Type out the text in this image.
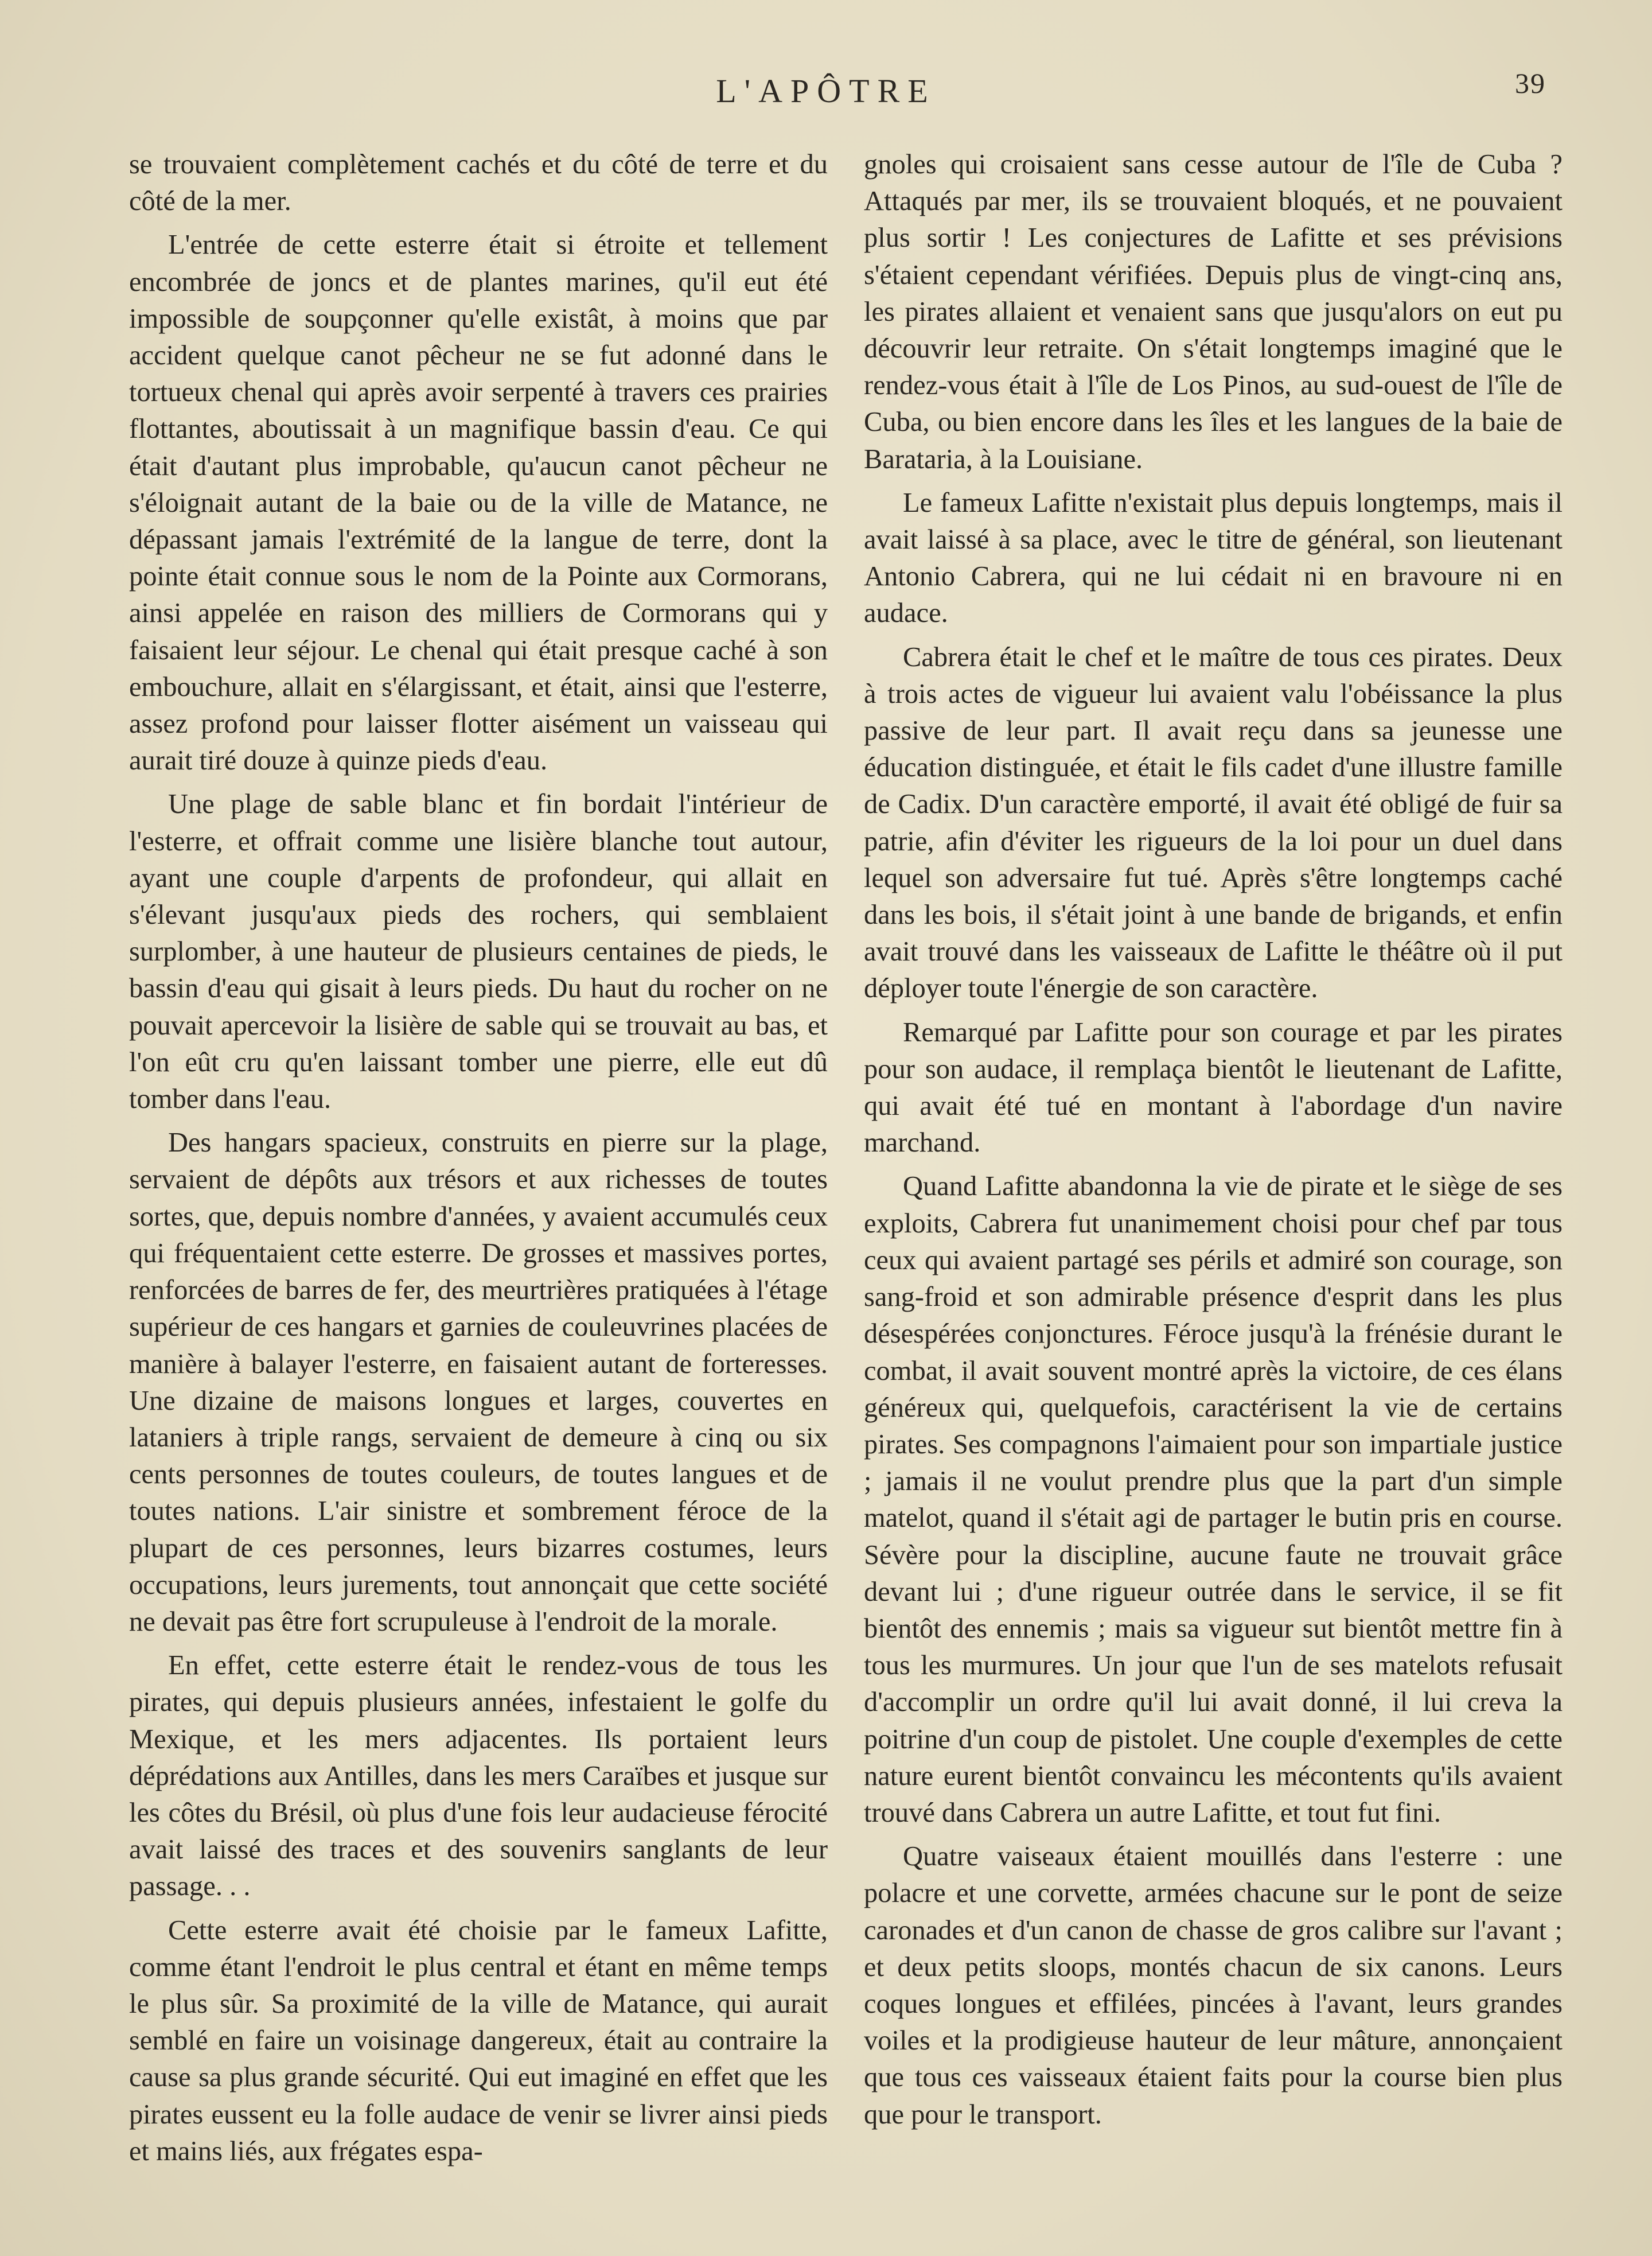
L'APÔTRE	39

se trouvaient complètement cachés et du côté de terre et du côté de la mer.

L'entrée de cette esterre était si étroite et tellement encombrée de joncs et de plantes marines, qu'il eut été impossible de soupçonner qu'elle existât, à moins que par accident quelque canot pêcheur ne se fut adonné dans le tortueux chenal qui après avoir serpenté à travers ces prairies flottantes, aboutissait à un magnifique bassin d'eau. Ce qui était d'autant plus improbable, qu'aucun canot pêcheur ne s'éloignait autant de la baie ou de la ville de Matance, ne dépassant jamais l'extrémité de la langue de terre, dont la pointe était connue sous le nom de la Pointe aux Cormorans, ainsi appelée en raison des milliers de Cormorans qui y faisaient leur séjour. Le chenal qui était presque caché à son embouchure, allait en s'élargissant, et était, ainsi que l'esterre, assez profond pour laisser flotter aisément un vaisseau qui aurait tiré douze à quinze pieds d'eau.

Une plage de sable blanc et fin bordait l'intérieur de l'esterre, et offrait comme une lisière blanche tout autour, ayant une couple d'arpents de profondeur, qui allait en s'élevant jusqu'aux pieds des rochers, qui semblaient surplomber, à une hauteur de plusieurs centaines de pieds, le bassin d'eau qui gisait à leurs pieds. Du haut du rocher on ne pouvait apercevoir la lisière de sable qui se trouvait au bas, et l'on eût cru qu'en laissant tomber une pierre, elle eut dû tomber dans l'eau.

Des hangars spacieux, construits en pierre sur la plage, servaient de dépôts aux trésors et aux richesses de toutes sortes, que, depuis nombre d'années, y avaient accumulés ceux qui fréquentaient cette esterre. De grosses et massives portes, renforcées de barres de fer, des meurtrières pratiquées à l'étage supérieur de ces hangars et garnies de couleuvrines placées de manière à balayer l'esterre, en faisaient autant de forteresses. Une dizaine de maisons longues et larges, couvertes en lataniers à triple rangs, servaient de demeure à cinq ou six cents personnes de toutes couleurs, de toutes langues et de toutes nations. L'air sinistre et sombrement féroce de la plupart de ces personnes, leurs bizarres costumes, leurs occupations, leurs jurements, tout annonçait que cette société ne devait pas être fort scrupuleuse à l'endroit de la morale.

En effet, cette esterre était le rendez-vous de tous les pirates, qui depuis plusieurs années, infestaient le golfe du Mexique, et les mers adjacentes. Ils portaient leurs déprédations aux Antilles, dans les mers Caraïbes et jusque sur les côtes du Brésil, où plus d'une fois leur audacieuse férocité avait laissé des traces et des souvenirs sanglants de leur passage. . .

Cette esterre avait été choisie par le fameux Lafitte, comme étant l'endroit le plus central et étant en même temps le plus sûr. Sa proximité de la ville de Matance, qui aurait semblé en faire un voisinage dangereux, était au contraire la cause sa plus grande sécurité. Qui eut imaginé en effet que les pirates eussent eu la folle audace de venir se livrer ainsi pieds et mains liés, aux frégates espa-

gnoles qui croisaient sans cesse autour de l'île de Cuba ? Attaqués par mer, ils se trouvaient bloqués, et ne pouvaient plus sortir ! Les conjectures de Lafitte et ses prévisions s'étaient cependant vérifiées. Depuis plus de vingt-cinq ans, les pirates allaient et venaient sans que jusqu'alors on eut pu découvrir leur retraite. On s'était longtemps imaginé que le rendez-vous était à l'île de Los Pinos, au sud-ouest de l'île de Cuba, ou bien encore dans les îles et les langues de la baie de Barataria, à la Louisiane.

Le fameux Lafitte n'existait plus depuis longtemps, mais il avait laissé à sa place, avec le titre de général, son lieutenant Antonio Cabrera, qui ne lui cédait ni en bravoure ni en audace.

Cabrera était le chef et le maître de tous ces pirates. Deux à trois actes de vigueur lui avaient valu l'obéissance la plus passive de leur part. Il avait reçu dans sa jeunesse une éducation distinguée, et était le fils cadet d'une illustre famille de Cadix. D'un caractère emporté, il avait été obligé de fuir sa patrie, afin d'éviter les rigueurs de la loi pour un duel dans lequel son adversaire fut tué. Après s'être longtemps caché dans les bois, il s'était joint à une bande de brigands, et enfin avait trouvé dans les vaisseaux de Lafitte le théâtre où il put déployer toute l'énergie de son caractère.

Remarqué par Lafitte pour son courage et par les pirates pour son audace, il remplaça bientôt le lieutenant de Lafitte, qui avait été tué en montant à l'abordage d'un navire marchand.

Quand Lafitte abandonna la vie de pirate et le siège de ses exploits, Cabrera fut unanimement choisi pour chef par tous ceux qui avaient partagé ses périls et admiré son courage, son sang-froid et son admirable présence d'esprit dans les plus désespérées conjonctures. Féroce jusqu'à la frénésie durant le combat, il avait souvent montré après la victoire, de ces élans généreux qui, quelquefois, caractérisent la vie de certains pirates. Ses compagnons l'aimaient pour son impartiale justice ; jamais il ne voulut prendre plus que la part d'un simple matelot, quand il s'était agi de partager le butin pris en course. Sévère pour la discipline, aucune faute ne trouvait grâce devant lui ; d'une rigueur outrée dans le service, il se fit bientôt des ennemis ; mais sa vigueur sut bientôt mettre fin à tous les murmures. Un jour que l'un de ses matelots refusait d'accomplir un ordre qu'il lui avait donné, il lui creva la poitrine d'un coup de pistolet. Une couple d'exemples de cette nature eurent bientôt convaincu les mécontents qu'ils avaient trouvé dans Cabrera un autre Lafitte, et tout fut fini.

Quatre vaiseaux étaient mouillés dans l'esterre : une polacre et une corvette, armées chacune sur le pont de seize caronades et d'un canon de chasse de gros calibre sur l'avant ; et deux petits sloops, montés chacun de six canons. Leurs coques longues et effilées, pincées à l'avant, leurs grandes voiles et la prodigieuse hauteur de leur mâture, annonçaient que tous ces vaisseaux étaient faits pour la course bien plus que pour le transport.
